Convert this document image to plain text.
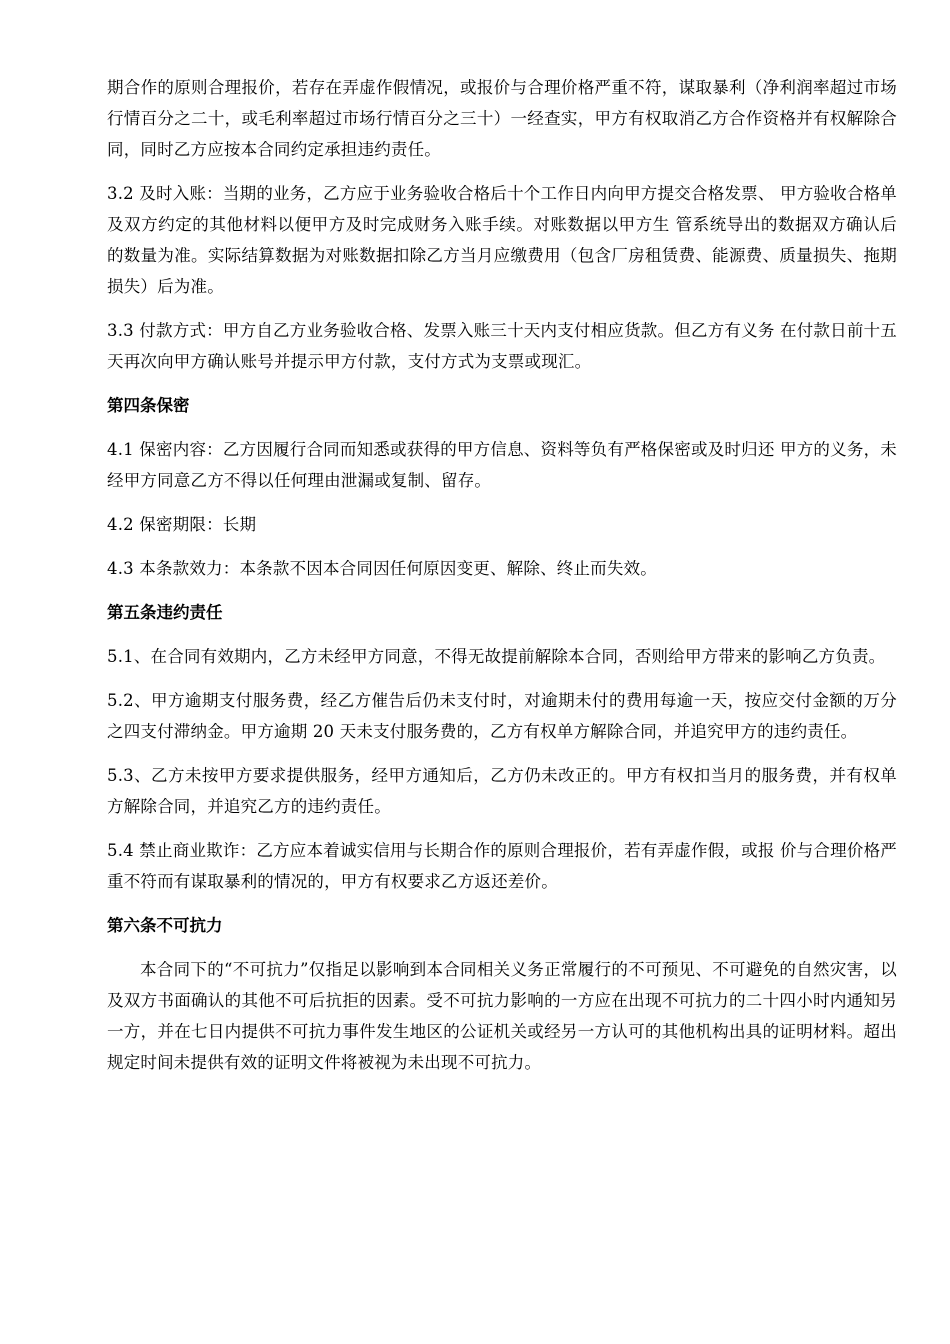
期合作的原则合理报价，若存在弄虚作假情况，或报价与合理价格严重不符，谋取暴利（净利润率超过市场行情百分之二十，或毛利率超过市场行情百分之三十）一经查实，甲方有权取消乙方合作资格并有权解除合同，同时乙方应按本合同约定承担违约责任。

3.2 及时入账：当期的业务，乙方应于业务验收合格后十个工作日内向甲方提交合格发票、 甲方验收合格单及双方约定的其他材料以便甲方及时完成财务入账手续。对账数据以甲方生 管系统导出的数据双方确认后的数量为准。实际结算数据为对账数据扣除乙方当月应缴费用（包含厂房租赁费、能源费、质量损失、拖期损失）后为准。

3.3 付款方式：甲方自乙方业务验收合格、发票入账三十天内支付相应货款。但乙方有义务 在付款日前十五天再次向甲方确认账号并提示甲方付款，支付方式为支票或现汇。

第四条保密

4.1 保密内容：乙方因履行合同而知悉或获得的甲方信息、资料等负有严格保密或及时归还 甲方的义务，未经甲方同意乙方不得以任何理由泄漏或复制、留存。

4.2 保密期限：长期

4.3 本条款效力：本条款不因本合同因任何原因变更、解除、终止而失效。

第五条违约责任

5.1、在合同有效期内，乙方未经甲方同意，不得无故提前解除本合同，否则给甲方带来的影响乙方负责。

5.2、甲方逾期支付服务费，经乙方催告后仍未支付时，对逾期未付的费用每逾一天，按应交付金额的万分之四支付滞纳金。甲方逾期 20 天未支付服务费的，乙方有权单方解除合同，并追究甲方的违约责任。

5.3、乙方未按甲方要求提供服务，经甲方通知后，乙方仍未改正的。甲方有权扣当月的服务费，并有权单方解除合同，并追究乙方的违约责任。

5.4 禁止商业欺诈：乙方应本着诚实信用与长期合作的原则合理报价，若有弄虚作假，或报 价与合理价格严重不符而有谋取暴利的情况的，甲方有权要求乙方返还差价。

第六条不可抗力

本合同下的“不可抗力”仅指足以影响到本合同相关义务正常履行的不可预见、不可避免的自然灾害，以及双方书面确认的其他不可后抗拒的因素。受不可抗力影响的一方应在出现不可抗力的二十四小时内通知另一方，并在七日内提供不可抗力事件发生地区的公证机关或经另一方认可的其他机构出具的证明材料。超出规定时间未提供有效的证明文件将被视为未出现不可抗力。
